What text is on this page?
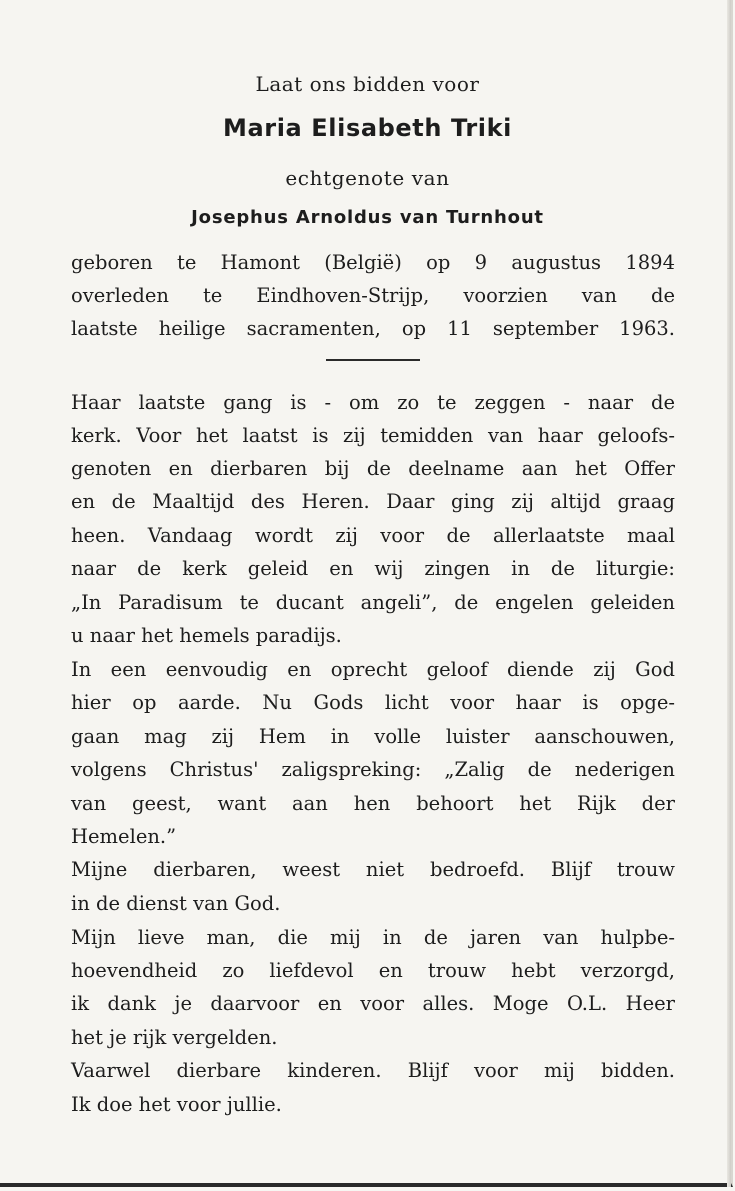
Laat ons bidden voor
Maria Elisabeth Triki
echtgenote van
Josephus Arnoldus van Turnhout
geboren te Hamont (België) op 9 augustus 1894
overleden te Eindhoven-Strijp, voorzien van de
laatste heilige sacramenten, op 11 september 1963.
Haar laatste gang is - om zo te zeggen - naar de
kerk. Voor het laatst is zij temidden van haar geloofs-
genoten en dierbaren bij de deelname aan het Offer
en de Maaltijd des Heren. Daar ging zij altijd graag
heen. Vandaag wordt zij voor de allerlaatste maal
naar de kerk geleid en wij zingen in de liturgie:
„In Paradisum te ducant angeli”, de engelen geleiden
u naar het hemels paradijs.
In een eenvoudig en oprecht geloof diende zij God
hier op aarde. Nu Gods licht voor haar is opge-
gaan mag zij Hem in volle luister aanschouwen,
volgens Christus' zaligspreking: „Zalig de nederigen
van geest, want aan hen behoort het Rijk der
Hemelen.”
Mijne dierbaren, weest niet bedroefd. Blijf trouw
in de dienst van God.
Mijn lieve man, die mij in de jaren van hulpbe-
hoevendheid zo liefdevol en trouw hebt verzorgd,
ik dank je daarvoor en voor alles. Moge O.L. Heer
het je rijk vergelden.
Vaarwel dierbare kinderen. Blijf voor mij bidden.
Ik doe het voor jullie.
